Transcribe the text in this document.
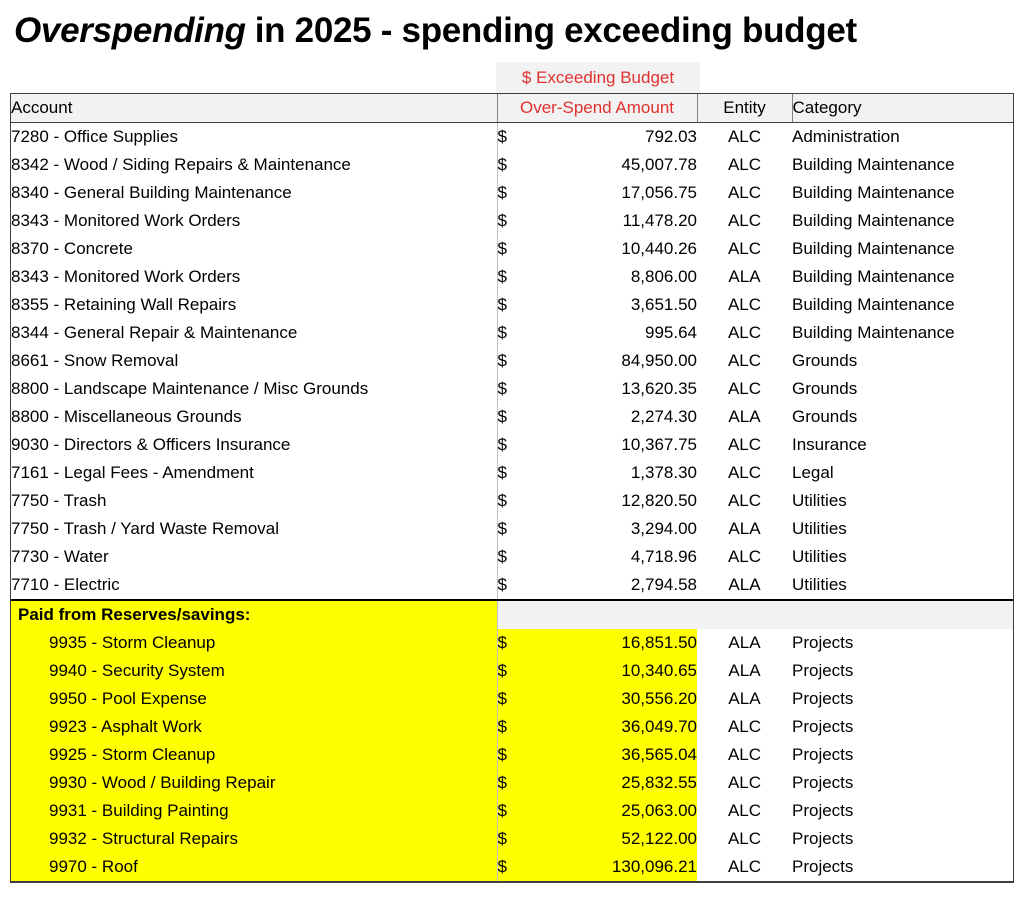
Overspending in 2025 - spending exceeding budget
$ Exceeding Budget
Account	Over-Spend Amount		Entity	Category
7280 - Office Supplies	$	792.03	ALC	Administration
8342 - Wood / Siding Repairs & Maintenance	$	45,007.78	ALC	Building Maintenance
8340 - General Building Maintenance	$	17,056.75	ALC	Building Maintenance
8343 - Monitored Work Orders	$	11,478.20	ALC	Building Maintenance
8370 - Concrete	$	10,440.26	ALC	Building Maintenance
8343 - Monitored Work Orders	$	8,806.00	ALA	Building Maintenance
8355 - Retaining Wall Repairs	$	3,651.50	ALC	Building Maintenance
8344 - General Repair & Maintenance	$	995.64	ALC	Building Maintenance
8661 - Snow Removal	$	84,950.00	ALC	Grounds
8800 - Landscape Maintenance / Misc Grounds	$	13,620.35	ALC	Grounds
8800 - Miscellaneous Grounds	$	2,274.30	ALA	Grounds
9030 - Directors & Officers Insurance	$	10,367.75	ALC	Insurance
7161 - Legal Fees - Amendment	$	1,378.30	ALC	Legal
7750 - Trash	$	12,820.50	ALC	Utilities
7750 - Trash / Yard Waste Removal	$	3,294.00	ALA	Utilities
7730 - Water	$	4,718.96	ALC	Utilities
7710 - Electric	$	2,794.58	ALA	Utilities
Paid from Reserves/savings:				
9935 - Storm Cleanup	$	16,851.50	ALA	Projects
9940 - Security System	$	10,340.65	ALA	Projects
9950 - Pool Expense	$	30,556.20	ALA	Projects
9923 - Asphalt Work	$	36,049.70	ALC	Projects
9925 - Storm Cleanup	$	36,565.04	ALC	Projects
9930 - Wood / Building Repair	$	25,832.55	ALC	Projects
9931 - Building Painting	$	25,063.00	ALC	Projects
9932 - Structural Repairs	$	52,122.00	ALC	Projects
9970 - Roof	$	130,096.21	ALC	Projects
